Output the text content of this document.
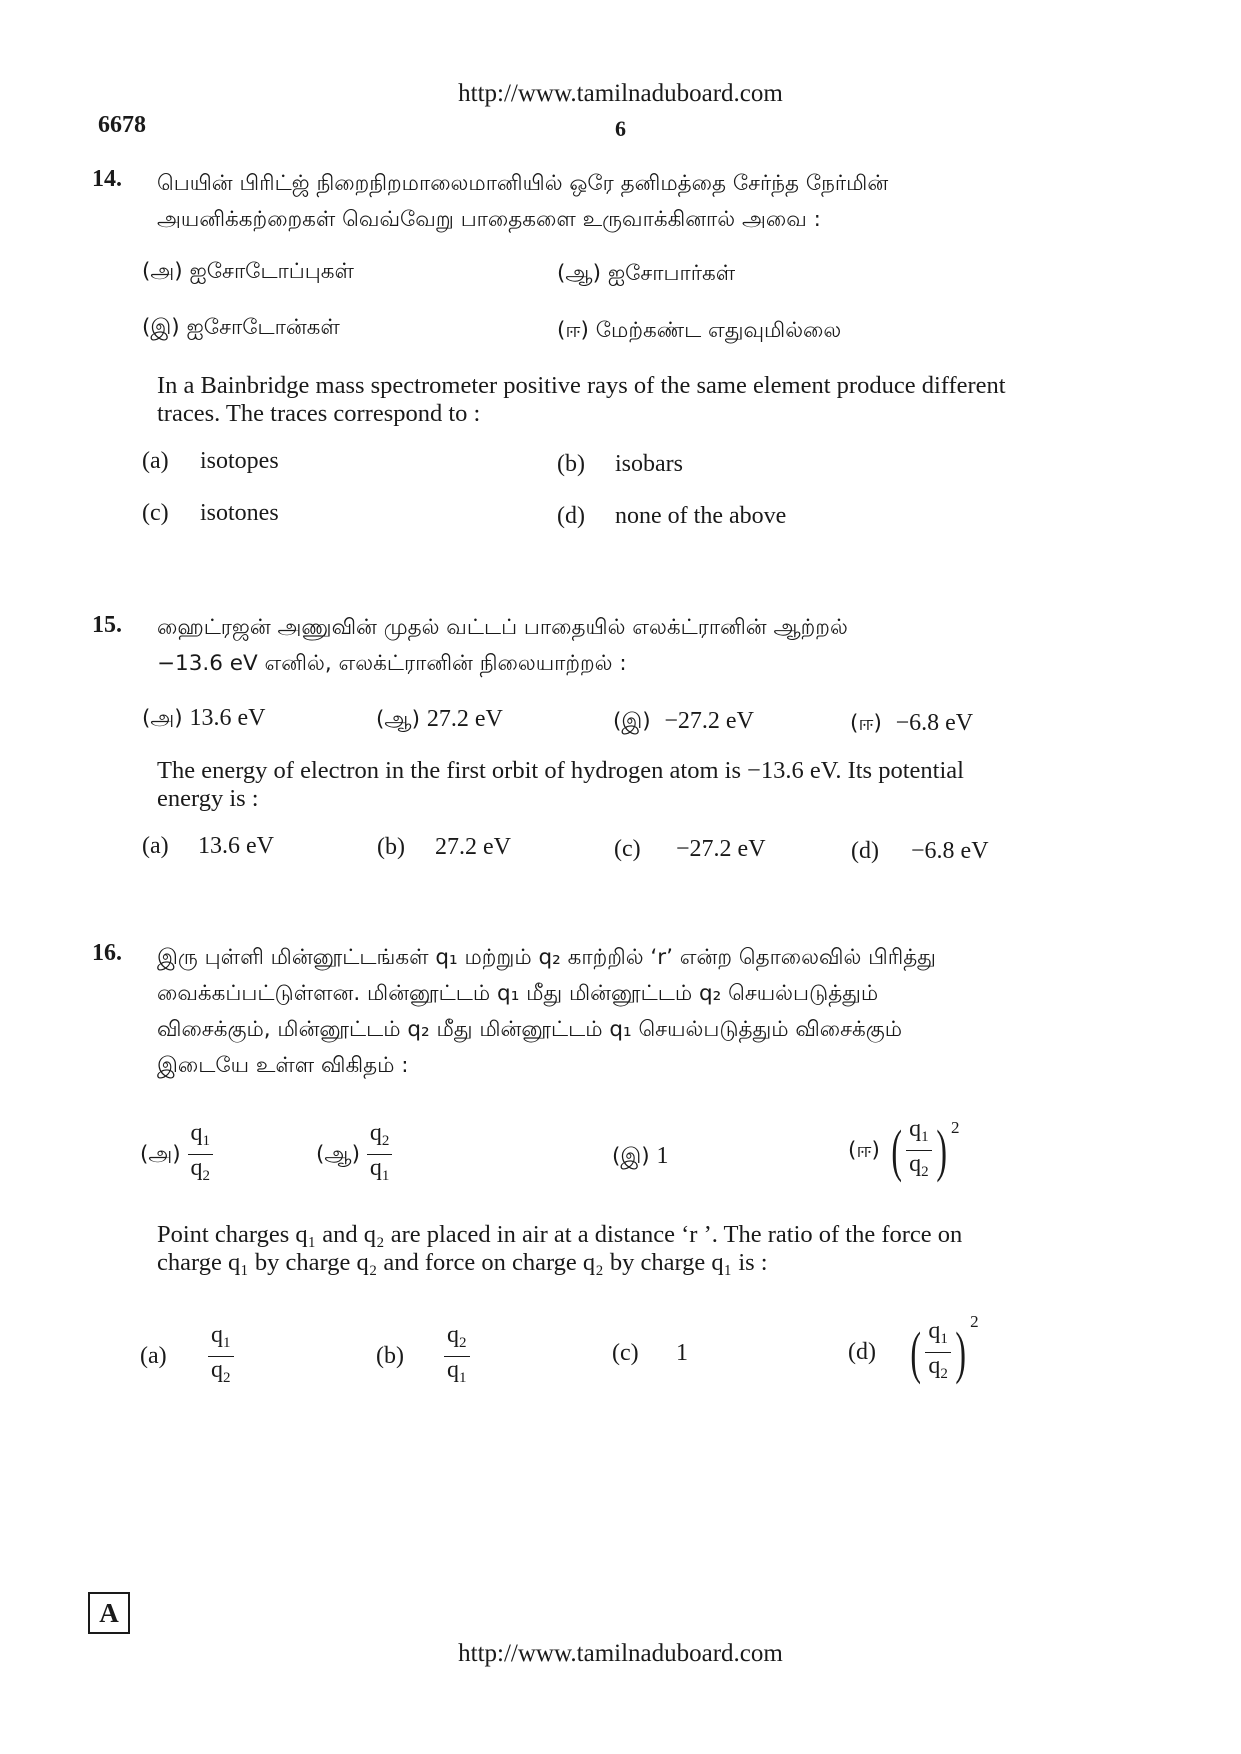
http://www.tamilnaduboard.com
6678	6
14. பெயின் பிரிட்ஜ் நிறைநிறமாலைமானியில் ஒரே தனிமத்தை சேர்ந்த நேர்மின்
அயனிக்கற்றைகள் வெவ்வேறு பாதைகளை உருவாக்கினால் அவை :
(அ) ஐசோடோப்புகள்	(ஆ) ஐசோபார்கள்
(இ) ஐசோடோன்கள்	(ஈ) மேற்கண்ட எதுவுமில்லை
In a Bainbridge mass spectrometer positive rays of the same element produce different
traces. The traces correspond to :
(a) isotopes	(b) isobars
(c) isotones	(d) none of the above
15. ஹைட்ரஜன் அணுவின் முதல் வட்டப் பாதையில் எலக்ட்ரானின் ஆற்றல்
−13.6 eV எனில், எலக்ட்ரானின் நிலையாற்றல் :
(அ) 13.6 eV	(ஆ) 27.2 eV	(இ) −27.2 eV	(ஈ) −6.8 eV
The energy of electron in the first orbit of hydrogen atom is −13.6 eV. Its potential
energy is :
(a) 13.6 eV	(b) 27.2 eV	(c) −27.2 eV	(d) −6.8 eV
16. இரு புள்ளி மின்னூட்டங்கள் q₁ மற்றும் q₂ காற்றில் ‘r’ என்ற தொலைவில் பிரித்து
வைக்கப்பட்டுள்ளன. மின்னூட்டம் q₁ மீது மின்னூட்டம் q₂ செயல்படுத்தும்
விசைக்கும், மின்னூட்டம் q₂ மீது மின்னூட்டம் q₁ செயல்படுத்தும் விசைக்கும்
இடையே உள்ள விகிதம் :
(அ) $\frac{q_1}{q_2}$	(ஆ) $\frac{q_2}{q_1}$	(இ) 1	(ஈ) ( $\frac{q_1}{q_2}$ ) 2
Point charges q₁ and q₂ are placed in air at a distance ‘r ’. The ratio of the force on
charge q₁ by charge q₂ and force on charge q₂ by charge q₁ is :
$(a) \frac{q_1}{q_2}$	$(b) \frac{q_2}{q_1}$	(c) 1	(d) ( $\frac{q_1}{q_2}$ ) 2
A
http://www.tamilnaduboard.com
